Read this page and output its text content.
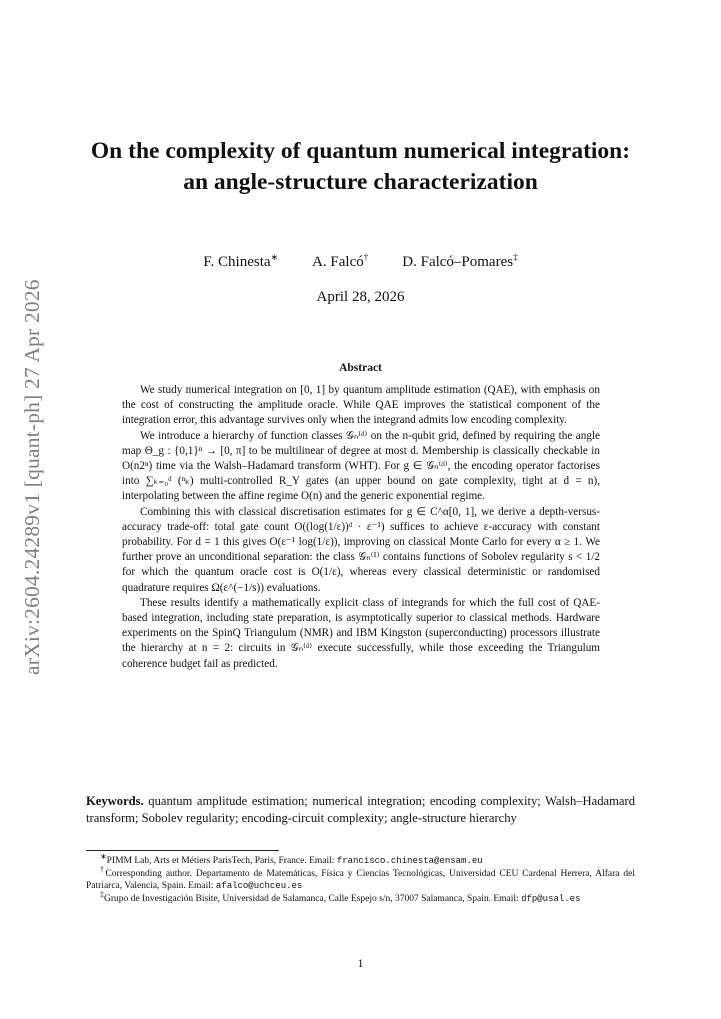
arXiv:2604.24289v1 [quant-ph] 27 Apr 2026
On the complexity of quantum numerical integration: an angle-structure characterization
F. Chinesta∗ A. Falcó† D. Falcó–Pomares‡
April 28, 2026
Abstract

We study numerical integration on [0, 1] by quantum amplitude estimation (QAE), with emphasis on the cost of constructing the amplitude oracle. While QAE improves the statistical component of the integration error, this advantage survives only when the integrand admits low encoding complexity.

We introduce a hierarchy of function classes 𝒢ₙ⁽ᵈ⁾ on the n-qubit grid, defined by requiring the angle map Θ_g : {0,1}ⁿ → [0, π] to be multilinear of degree at most d. Membership is classically checkable in O(n2ⁿ) time via the Walsh–Hadamard transform (WHT). For g ∈ 𝒢ₙ⁽ᵈ⁾, the encoding operator factorises into ∑ₖ₌₀ᵈ (ⁿₖ) multi-controlled R_Y gates (an upper bound on gate complexity, tight at d = n), interpolating between the affine regime O(n) and the generic exponential regime.

Combining this with classical discretisation estimates for g ∈ C^α[0, 1], we derive a depth-versus-accuracy trade-off: total gate count O((log(1/ε))ᵈ · ε⁻¹) suffices to achieve ε-accuracy with constant probability. For d = 1 this gives O(ε⁻¹ log(1/ε)), improving on classical Monte Carlo for every α ≥ 1. We further prove an unconditional separation: the class 𝒢ₙ⁽¹⁾ contains functions of Sobolev regularity s < 1/2 for which the quantum oracle cost is O(1/ε), whereas every classical deterministic or randomised quadrature requires Ω(ε^(−1/s)) evaluations.

These results identify a mathematically explicit class of integrands for which the full cost of QAE-based integration, including state preparation, is asymptotically superior to classical methods. Hardware experiments on the SpinQ Triangulum (NMR) and IBM Kingston (superconducting) processors illustrate the hierarchy at n = 2: circuits in 𝒢ₙ⁽ᵈ⁾ execute successfully, while those exceeding the Triangulum coherence budget fail as predicted.

Keywords. quantum amplitude estimation; numerical integration; encoding complexity; Walsh–Hadamard transform; Sobolev regularity; encoding-circuit complexity; angle-structure hierarchy

∗PIMM Lab, Arts et Métiers ParisTech, Paris, France. Email: francisco.chinesta@ensam.eu

†Corresponding author. Departamento de Matemáticas, Física y Ciencias Tecnológicas, Universidad CEU Cardenal Herrera, Alfara del Patriarca, Valencia, Spain. Email: afalco@uchceu.es

‡Grupo de Investigación Bisite, Universidad de Salamanca, Calle Espejo s/n, 37007 Salamanca, Spain. Email: dfp@usal.es

1
